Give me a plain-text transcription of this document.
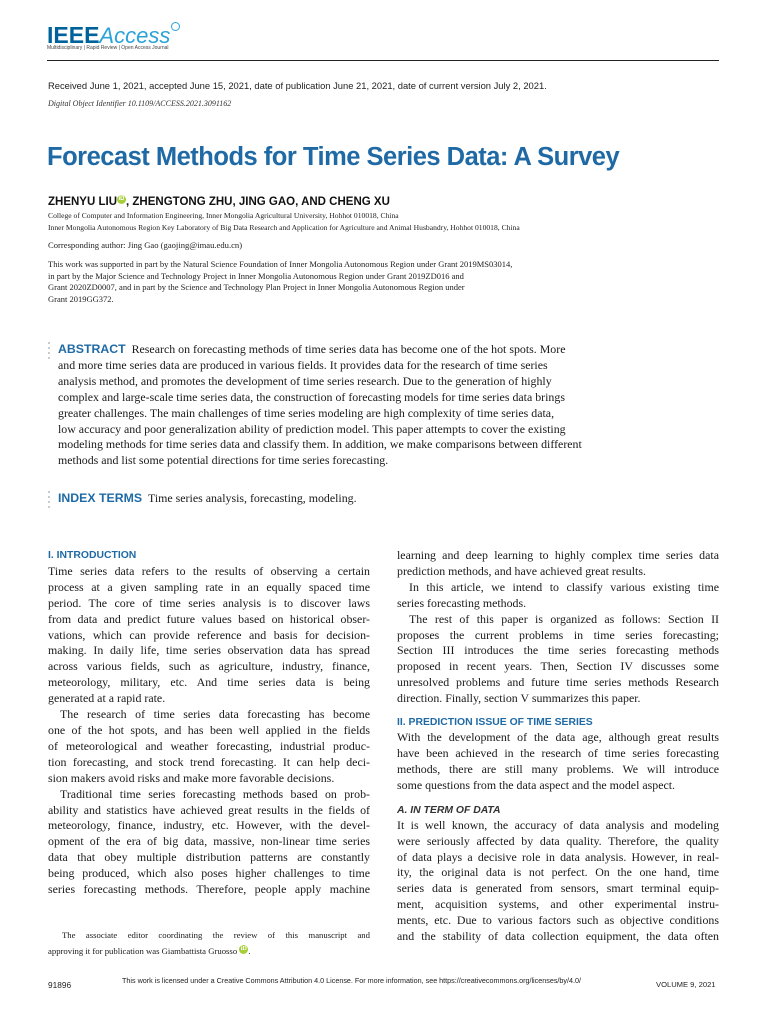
IEEEAccess
Multidisciplinary | Rapid Review | Open Access Journal
Received June 1, 2021, accepted June 15, 2021, date of publication June 21, 2021, date of current version July 2, 2021.
Digital Object Identifier 10.1109/ACCESS.2021.3091162
Forecast Methods for Time Series Data: A Survey
ZHENYU LIU iD , ZHENGTONG ZHU, JING GAO, AND CHENG XU
College of Computer and Information Engineering, Inner Mongolia Agricultural University, Hohhot 010018, China
Inner Mongolia Autonomous Region Key Laboratory of Big Data Research and Application for Agriculture and Animal Husbandry, Hohhot 010018, China
Corresponding author: Jing Gao (gaojing@imau.edu.cn)
This work was supported in part by the Natural Science Foundation of Inner Mongolia Autonomous Region under Grant 2019MS03014,
in part by the Major Science and Technology Project in Inner Mongolia Autonomous Region under Grant 2019ZD016 and
Grant 2020ZD0007, and in part by the Science and Technology Plan Project in Inner Mongolia Autonomous Region under
Grant 2019GG372.
ABSTRACT Research on forecasting methods of time series data has become one of the hot spots. More
and more time series data are produced in various fields. It provides data for the research of time series
analysis method, and promotes the development of time series research. Due to the generation of highly
complex and large-scale time series data, the construction of forecasting models for time series data brings
greater challenges. The main challenges of time series modeling are high complexity of time series data,
low accuracy and poor generalization ability of prediction model. This paper attempts to cover the existing
modeling methods for time series data and classify them. In addition, we make comparisons between different
methods and list some potential directions for time series forecasting.
INDEX TERMS Time series analysis, forecasting, modeling.
I. INTRODUCTION
Time series data refers to the results of observing a certain
process at a given sampling rate in an equally spaced time
period. The core of time series analysis is to discover laws
from data and predict future values based on historical obser-
vations, which can provide reference and basis for decision-
making. In daily life, time series observation data has spread
across various fields, such as agriculture, industry, finance,
meteorology, military, etc. And time series data is being
generated at a rapid rate.
The research of time series data forecasting has become
one of the hot spots, and has been well applied in the fields
of meteorological and weather forecasting, industrial produc-
tion forecasting, and stock trend forecasting. It can help deci-
sion makers avoid risks and make more favorable decisions.
Traditional time series forecasting methods based on prob-
ability and statistics have achieved great results in the fields of
meteorology, finance, industry, etc. However, with the devel-
opment of the era of big data, massive, non-linear time series
data that obey multiple distribution patterns are constantly
being produced, which also poses higher challenges to time
series forecasting methods. Therefore, people apply machine
The associate editor coordinating the review of this manuscript and
approving it for publication was Giambattista Gruosso iD .
learning and deep learning to highly complex time series data
prediction methods, and have achieved great results.
In this article, we intend to classify various existing time
series forecasting methods.
The rest of this paper is organized as follows: Section II
proposes the current problems in time series forecasting;
Section III introduces the time series forecasting methods
proposed in recent years. Then, Section IV discusses some
unresolved problems and future time series methods Research
direction. Finally, section V summarizes this paper.
II. PREDICTION ISSUE OF TIME SERIES
With the development of the data age, although great results
have been achieved in the research of time series forecasting
methods, there are still many problems. We will introduce
some questions from the data aspect and the model aspect.
A. IN TERM OF DATA
It is well known, the accuracy of data analysis and modeling
were seriously affected by data quality. Therefore, the quality
of data plays a decisive role in data analysis. However, in real-
ity, the original data is not perfect. On the one hand, time
series data is generated from sensors, smart terminal equip-
ment, acquisition systems, and other experimental instru-
ments, etc. Due to various factors such as objective conditions
and the stability of data collection equipment, the data often
91896	This work is licensed under a Creative Commons Attribution 4.0 License. For more information, see https://creativecommons.org/licenses/by/4.0/	VOLUME 9, 2021
